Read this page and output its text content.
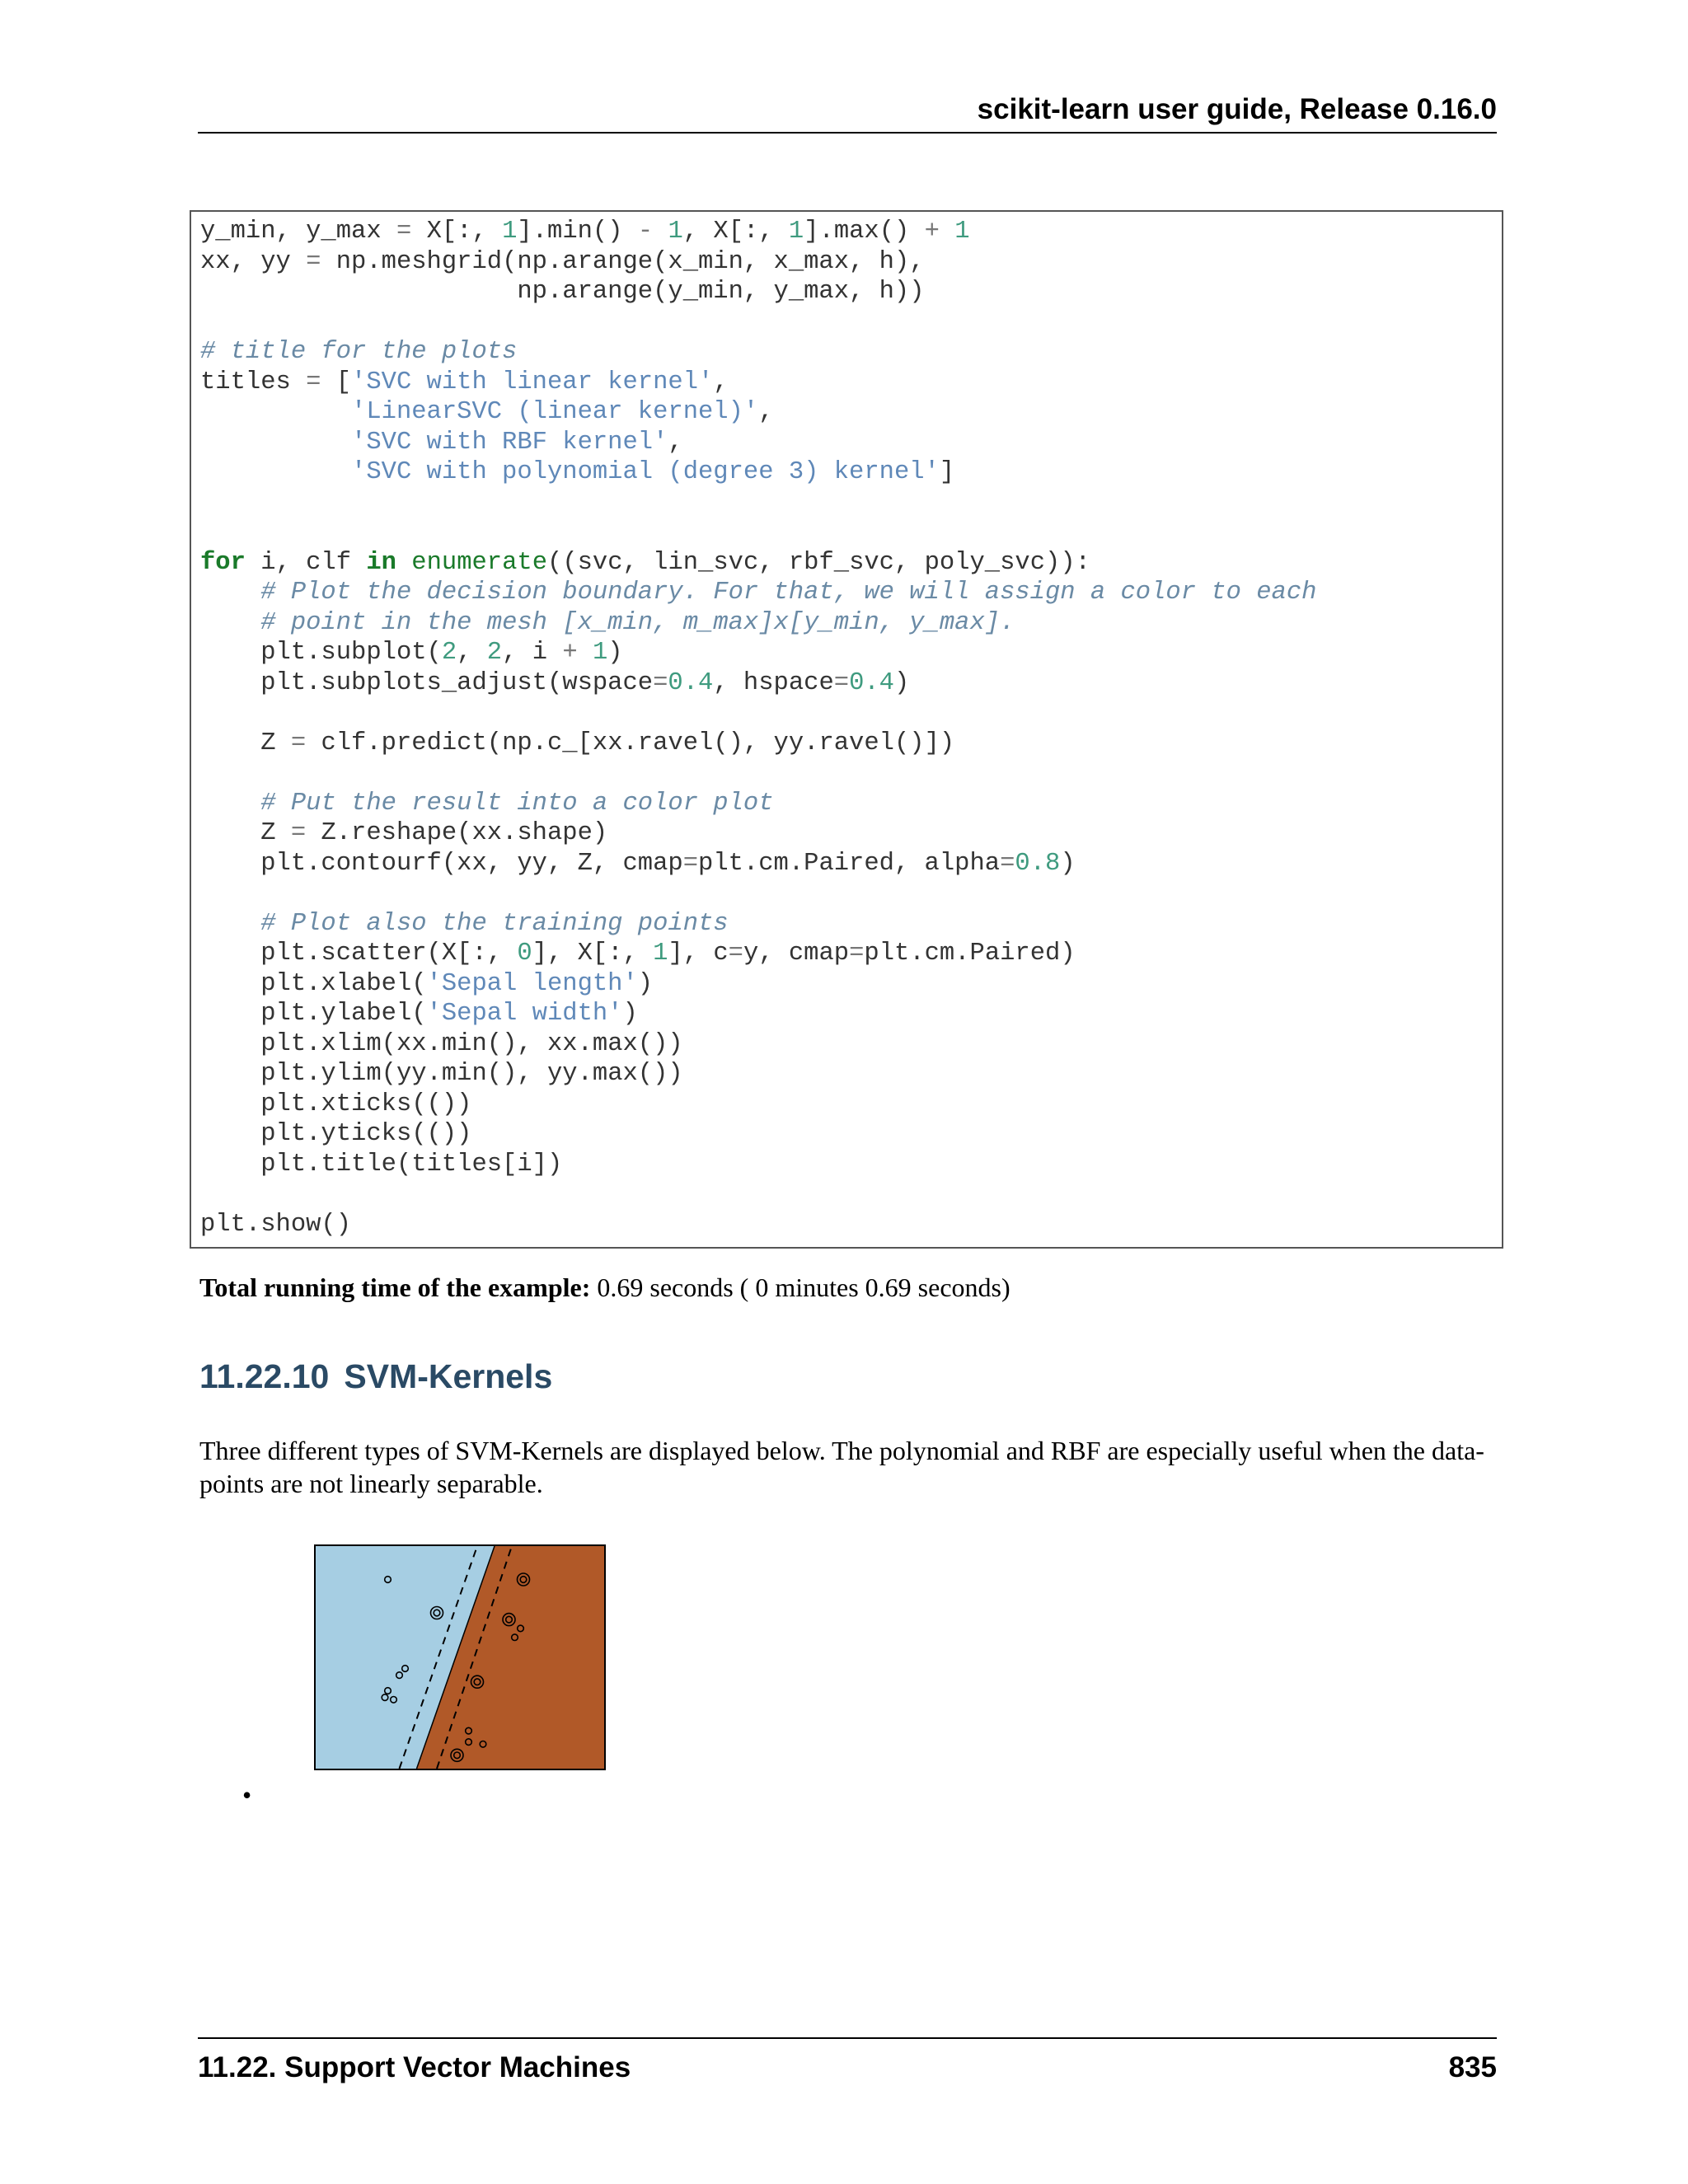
scikit-learn user guide, Release 0.16.0
y_min, y_max = X[:, 1].min() - 1, X[:, 1].max() + 1
xx, yy = np.meshgrid(np.arange(x_min, x_max, h),
np.arange(y_min, y_max, h))

# title for the plots
titles = ['SVC with linear kernel',
'LinearSVC (linear kernel)',
'SVC with RBF kernel',
'SVC with polynomial (degree 3) kernel']

for i, clf in enumerate((svc, lin_svc, rbf_svc, poly_svc)):
# Plot the decision boundary. For that, we will assign a color to each
# point in the mesh [x_min, m_max]x[y_min, y_max].
plt.subplot(2, 2, i + 1)
plt.subplots_adjust(wspace=0.4, hspace=0.4)

Z = clf.predict(np.c_[xx.ravel(), yy.ravel()])

# Put the result into a color plot
Z = Z.reshape(xx.shape)
plt.contourf(xx, yy, Z, cmap=plt.cm.Paired, alpha=0.8)

# Plot also the training points
plt.scatter(X[:, 0], X[:, 1], c=y, cmap=plt.cm.Paired)
plt.xlabel('Sepal length')
plt.ylabel('Sepal width')
plt.xlim(xx.min(), xx.max())
plt.ylim(yy.min(), yy.max())
plt.xticks(())
plt.yticks(())
plt.title(titles[i])

plt.show()
Total running time of the example: 0.69 seconds ( 0 minutes 0.69 seconds)
11.22.10 SVM-Kernels

Three different types of SVM-Kernels are displayed below. The polynomial and RBF are especially useful when the data-points are not linearly separable.

•
11.22. Support Vector Machines	835
